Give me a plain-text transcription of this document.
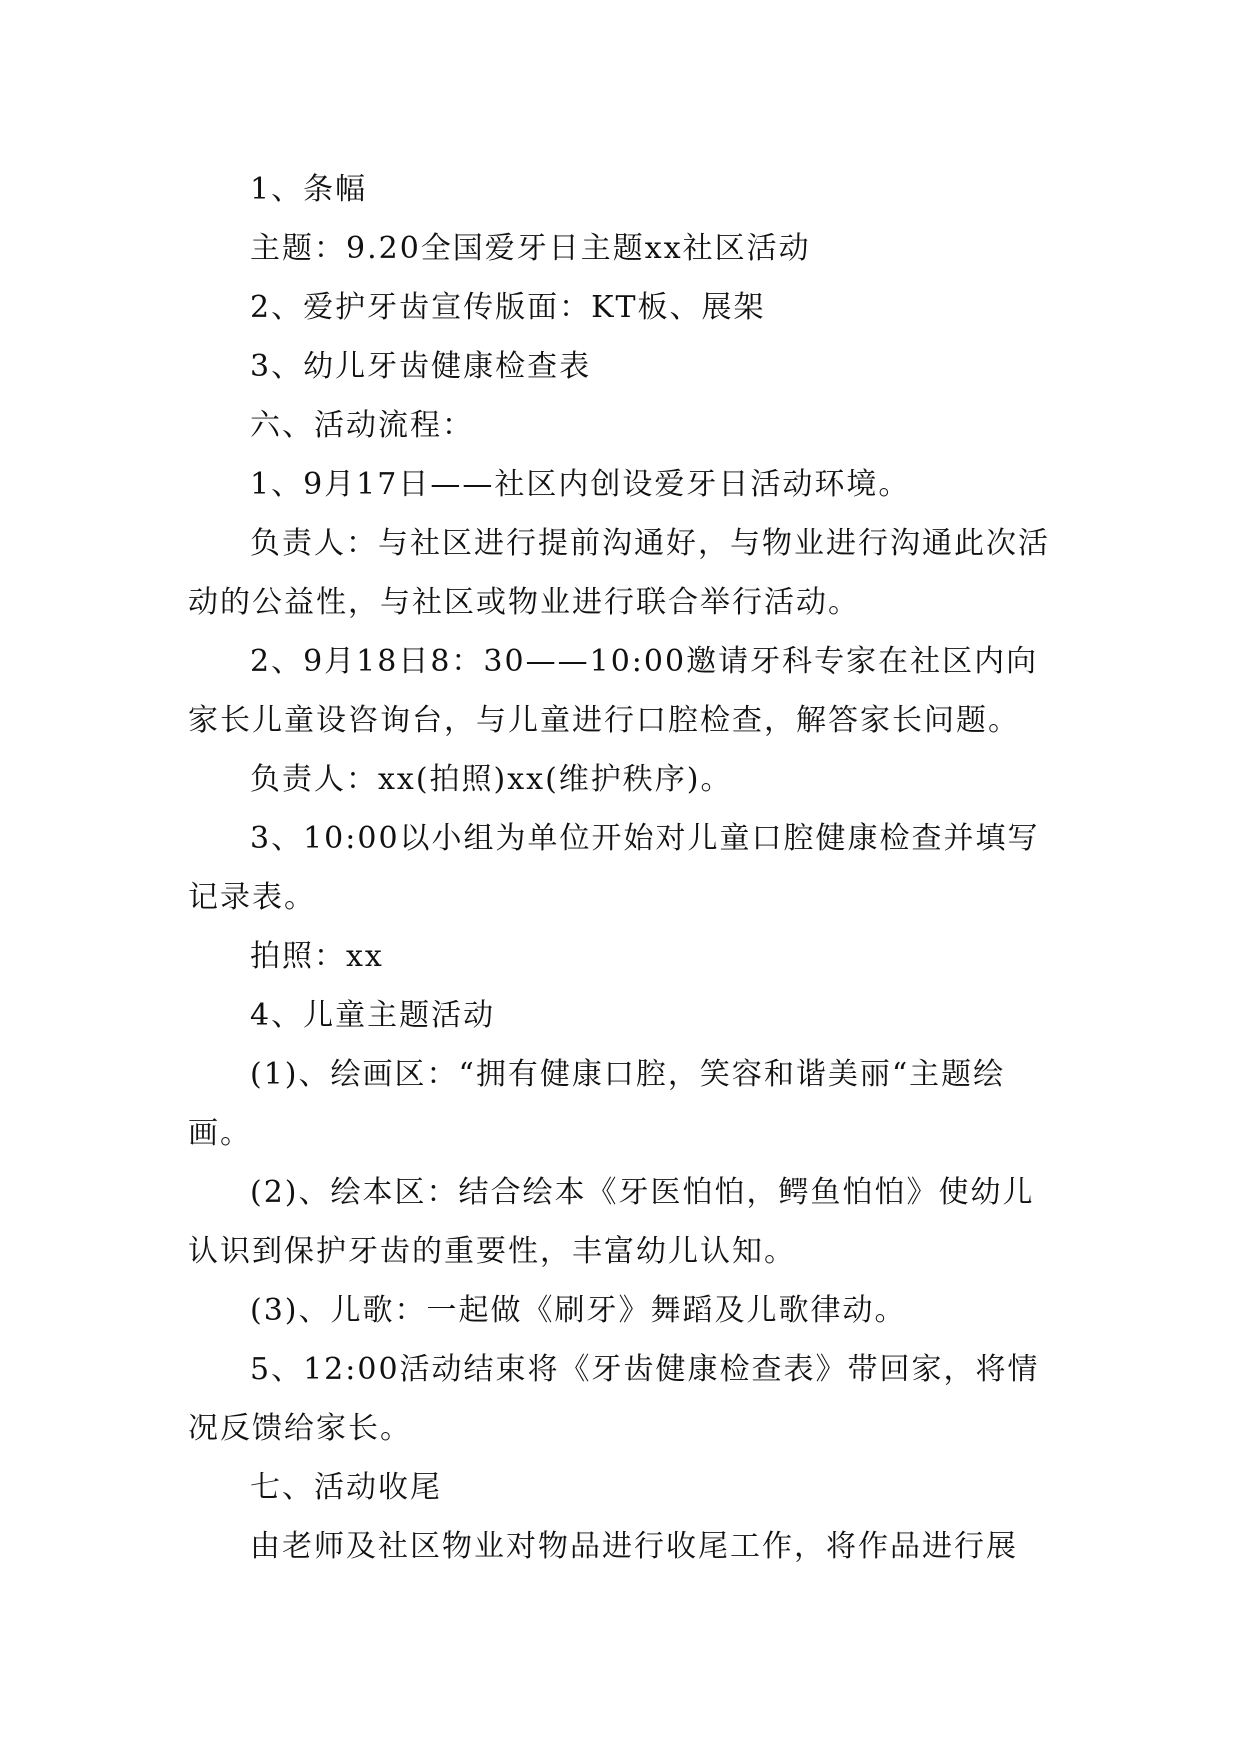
1、条幅

主题：9.20全国爱牙日主题xx社区活动

2、爱护牙齿宣传版面：KT板、展架

3、幼儿牙齿健康检查表

六、活动流程：

1、9月17日——社区内创设爱牙日活动环境。

负责人：与社区进行提前沟通好，与物业进行沟通此次活动的公益性，与社区或物业进行联合举行活动。

2、9月18日8：30——10:00邀请牙科专家在社区内向家长儿童设咨询台，与儿童进行口腔检查，解答家长问题。

负责人：xx(拍照)xx(维护秩序)。

3、10:00以小组为单位开始对儿童口腔健康检查并填写记录表。

拍照：xx

4、儿童主题活动

(1)、绘画区：“拥有健康口腔，笑容和谐美丽“主题绘画。

(2)、绘本区：结合绘本《牙医怕怕，鳄鱼怕怕》使幼儿认识到保护牙齿的重要性，丰富幼儿认知。

(3)、儿歌：一起做《刷牙》舞蹈及儿歌律动。

5、12:00活动结束将《牙齿健康检查表》带回家，将情况反馈给家长。

七、活动收尾

由老师及社区物业对物品进行收尾工作，将作品进行展
